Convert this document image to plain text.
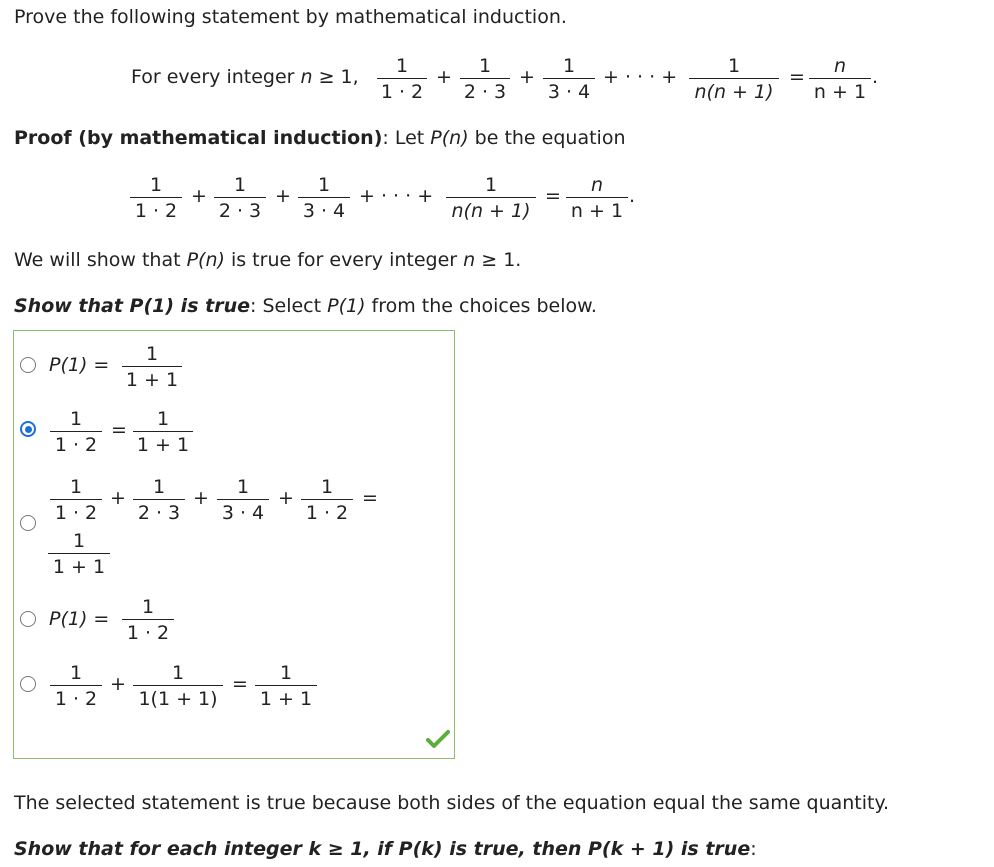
Prove the following statement by mathematical induction.
For every integer n ≥ 1,	1
1 · 2
+	1
2 · 3
+	1
3 · 4
+ · · · +	1
n(n + 1)
=	n
n + 1
.
Proof (by mathematical induction): Let P(n) be the equation
1
1 · 2
+	1
2 · 3
+	1
3 · 4
+ · · · +	1
n(n + 1)
=	n
n + 1
.
We will show that P(n) is true for every integer n ≥ 1.
Show that P(1) is true: Select P(1) from the choices below.
P(1) =	1
1 + 1
1
1 · 2
=	1
1 + 1
1
1 · 2
+	1
2 · 3
+	1
3 · 4
+	1
1 · 2
=
1
1 + 1
P(1) =
1
1 · 2
1
1 · 2
+	1
1(1 + 1)
=	1
1 + 1
The selected statement is true because both sides of the equation equal the same quantity.
Show that for each integer k ≥ 1, if P(k) is true, then P(k + 1) is true:
